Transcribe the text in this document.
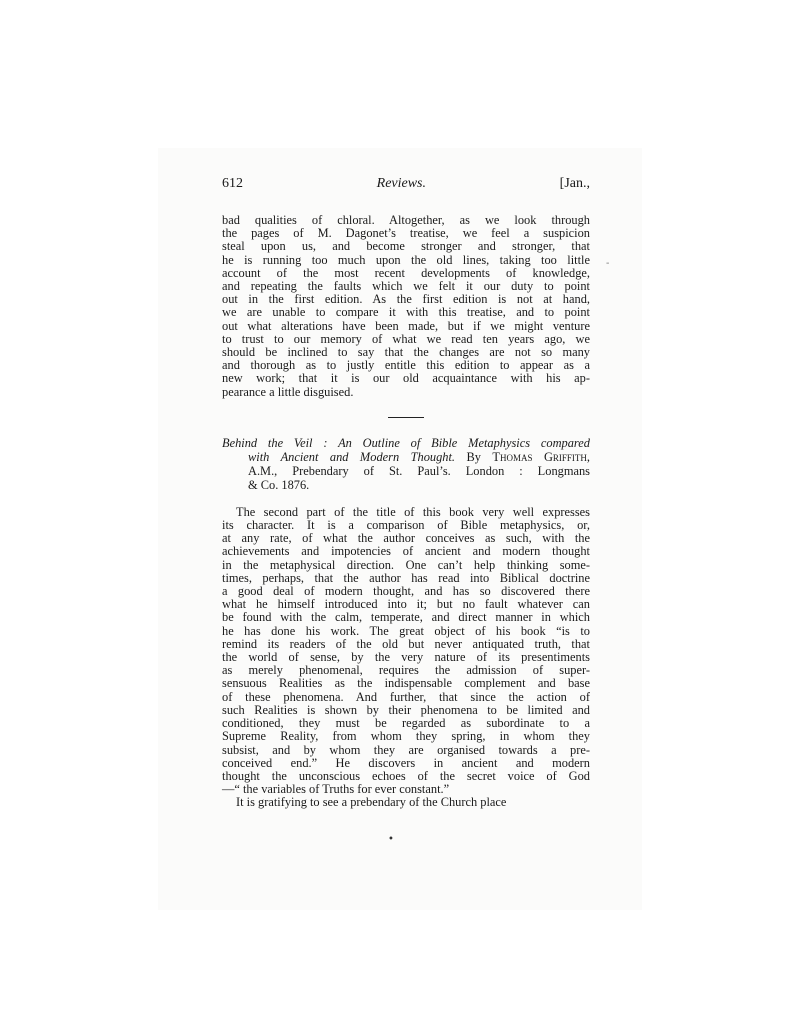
612	Reviews.	[Jan.,
bad qualities of chloral. Altogether, as we look through
the pages of M. Dagonet’s treatise, we feel a suspicion
steal upon us, and become stronger and stronger, that
he is running too much upon the old lines, taking too little
account of the most recent developments of knowledge,
and repeating the faults which we felt it our duty to point
out in the first edition. As the first edition is not at hand,
we are unable to compare it with this treatise, and to point
out what alterations have been made, but if we might venture
to trust to our memory of what we read ten years ago, we
should be inclined to say that the changes are not so many
and thorough as to justly entitle this edition to appear as a
new work; that it is our old acquaintance with his ap-
pearance a little disguised.
Behind the Veil : An Outline of Bible Metaphysics compared
with Ancient and Modern Thought. By Thomas Griffith,
A.M., Prebendary of St. Paul’s. London : Longmans
& Co. 1876.
The second part of the title of this book very well expresses
its character. It is a comparison of Bible metaphysics, or,
at any rate, of what the author conceives as such, with the
achievements and impotencies of ancient and modern thought
in the metaphysical direction. One can’t help thinking some-
times, perhaps, that the author has read into Biblical doctrine
a good deal of modern thought, and has so discovered there
what he himself introduced into it; but no fault whatever can
be found with the calm, temperate, and direct manner in which
he has done his work. The great object of his book “is to
remind its readers of the old but never antiquated truth, that
the world of sense, by the very nature of its presentiments
as merely phenomenal, requires the admission of super-
sensuous Realities as the indispensable complement and base
of these phenomena. And further, that since the action of
such Realities is shown by their phenomena to be limited and
conditioned, they must be regarded as subordinate to a
Supreme Reality, from whom they spring, in whom they
subsist, and by whom they are organised towards a pre-
conceived end.” He discovers in ancient and modern
thought the unconscious echoes of the secret voice of God
—“ the variables of Truths for ever constant.”
It is gratifying to see a prebendary of the Church place
-
•
